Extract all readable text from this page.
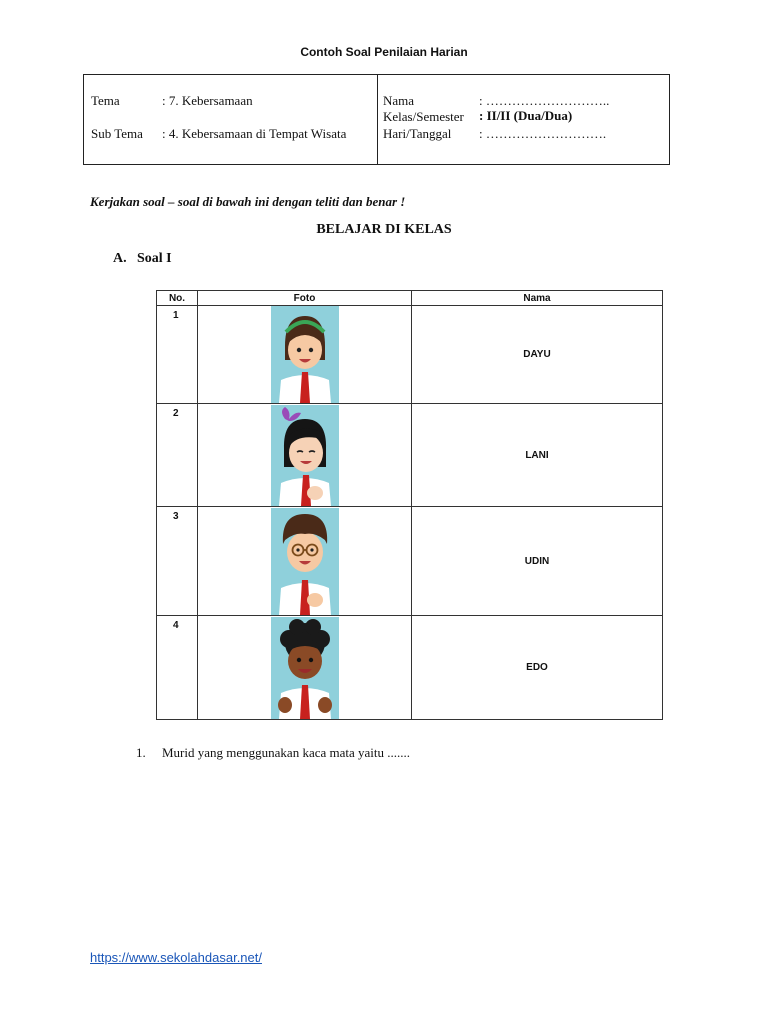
Contoh Soal Penilaian Harian
Tema	: 7. Kebersamaan
Sub Tema : 4. Kebersamaan di Tempat Wisata
Nama	: ………………………..
Kelas/Semester : II/II (Dua/Dua)
Hari/Tanggal : ……………………….
Kerjakan soal – soal di bawah ini dengan teliti dan benar !
BELAJAR DI KELAS
A. Soal I
No.	Foto	Nama
1		DAYU
2		LANI
3		UDIN
4		EDO
1. Murid yang menggunakan kaca mata yaitu .......
https://www.sekolahdasar.net/
